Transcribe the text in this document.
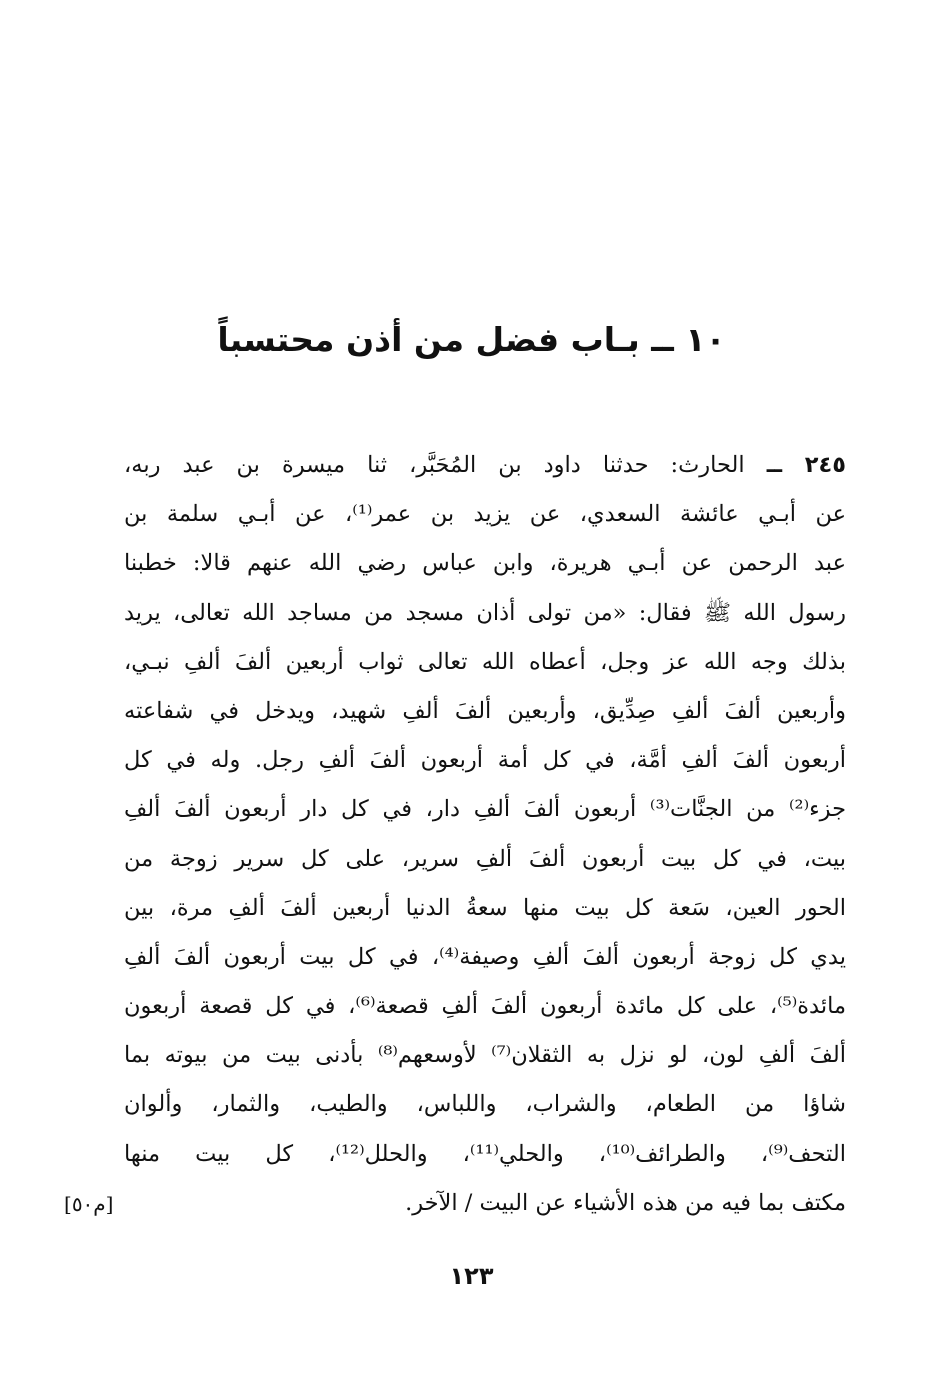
١٠ ــ بـاب فضل من أذن محتسباً
٢٤٥ ــ الحارث: حدثنا داود بن المُحَبَّر، ثنا ميسرة بن عبد ربه،
عن أبـي عائشة السعدي، عن يزيد بن عمر⁽¹⁾، عن أبـي سلمة بن
عبد الرحمن عن أبـي هريرة، وابن عباس رضي الله عنهم قالا: خطبنا
رسول الله ﷺ فقال: «من تولى أذان مسجد من مساجد الله تعالى، يريد
بذلك وجه الله عز وجل، أعطاه الله تعالى ثواب أربعين ألفَ ألفِ نبـي،
وأربعين ألفَ ألفِ صِدِّيق، وأربعين ألفَ ألفِ شهيد، ويدخل في شفاعته
أربعون ألفَ ألفِ أمَّة، في كل أمة أربعون ألفَ ألفِ رجل. وله في كل
جزء⁽²⁾ من الجنَّات⁽³⁾ أربعون ألفَ ألفِ دار، في كل دار أربعون ألفَ ألفِ
بيت، في كل بيت أربعون ألفَ ألفِ سرير، على كل سرير زوجة من
الحور العين، سَعة كل بيت منها سعةُ الدنيا أربعين ألفَ ألفِ مرة، بين
يدي كل زوجة أربعون ألفَ ألفِ وصيفة⁽⁴⁾، في كل بيت أربعون ألفَ ألفِ
مائدة⁽⁵⁾، على كل مائدة أربعون ألفَ ألفِ قصعة⁽⁶⁾، في كل قصعة أربعون
ألفَ ألفِ لون، لو نزل به الثقلان⁽⁷⁾ لأوسعهم⁽⁸⁾ بأدنى بيت من بيوته بما
شاؤا من الطعام، والشراب، واللباس، والطيب، والثمار، وألوان
التحف⁽⁹⁾، والطرائف⁽¹⁰⁾، والحلي⁽¹¹⁾، والحلل⁽¹²⁾، كل بيت منها
مكتف بما فيه من هذه الأشياء عن البيت / الآخر.
[م٥٠]
١٢٣
